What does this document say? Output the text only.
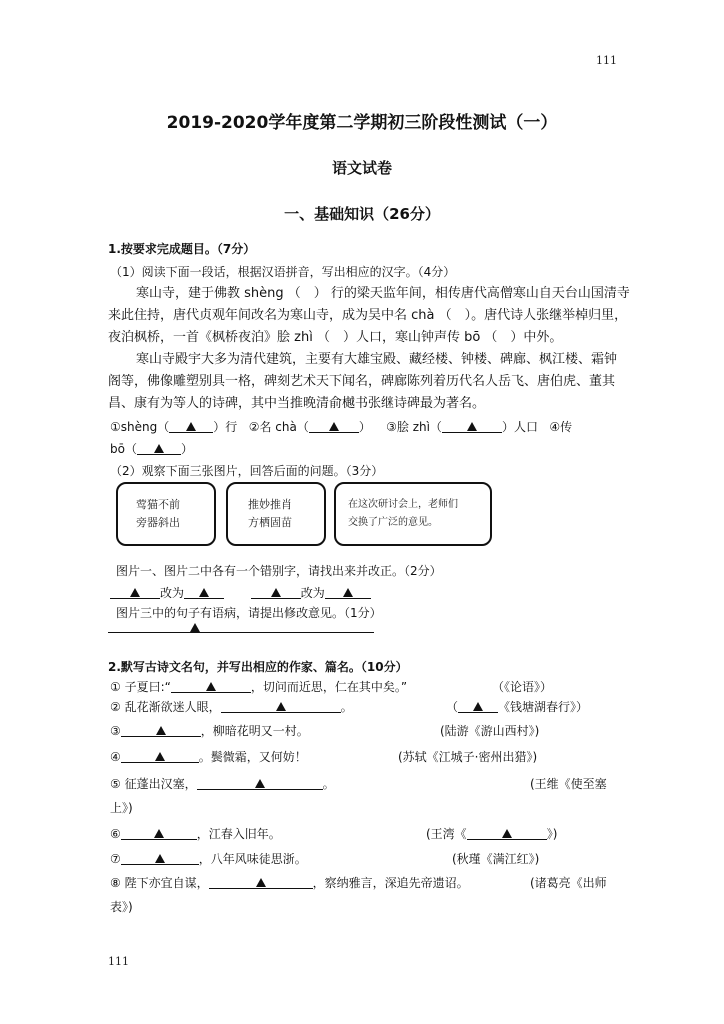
111
111
2019-2020学年度第二学期初三阶段性测试（一）
语文试卷
一、基础知识（26分）
1.按要求完成题目。（7分）
（1）阅读下面一段话，根据汉语拼音，写出相应的汉字。（4分）
寒山寺，建于佛教 shèng （　） 行的梁天监年间，相传唐代高僧寒山自天台山国清寺
来此住持，唐代贞观年间改名为寒山寺，成为吴中名 chà （　）。唐代诗人张继举棹归里，
夜泊枫桥，一首《枫桥夜泊》脍 zhì （　）人口，寒山钟声传 bō （　）中外。
寒山寺殿宇大多为清代建筑，主要有大雄宝殿、藏经楼、钟楼、碑廊、枫江楼、霜钟
阁等，佛像雕塑别具一格，碑刻艺术天下闻名，碑廊陈列着历代名人岳飞、唐伯虎、董其
昌、康有为等人的诗碑，其中当推晚清俞樾书张继诗碑最为著名。
①shèng（	）行 ②名 chà（	） ③脍 zhì（	）人口 ④传
bō（	）
（2）观察下面三张图片，回答后面的问题。（3分）
莺猫不前
旁器斜出
推妙推肖
方栖固苗
在这次研讨会上，老师们
交换了广泛的意见。
图片一、图片二中各有一个错别字，请找出来并改正。（2分）
改为	改为
图片三中的句子有语病，请提出修改意见。（1分）
2.默写古诗文名句，并写出相应的作家、篇名。（10分）
① 子夏曰:“	，切问而近思，仁在其中矣。”	（《论语》）
② 乱花渐欲迷人眼，	。	（	《钱塘湖春行》）
③	，柳暗花明又一村。	(陆游《游山西村》)
④	。鬓微霜，又何妨！	(苏轼《江城子·密州出猎》)
⑤ 征蓬出汉塞，	。	(王维《使至塞
上》)
⑥	，江春入旧年。	(王湾《	》)
⑦	，八年风味徒思浙。	(秋瑾《满江红》)
⑧ 陛下亦宜自谋，	，察纳雅言，深追先帝遗诏。	(诸葛亮《出师
表》)
